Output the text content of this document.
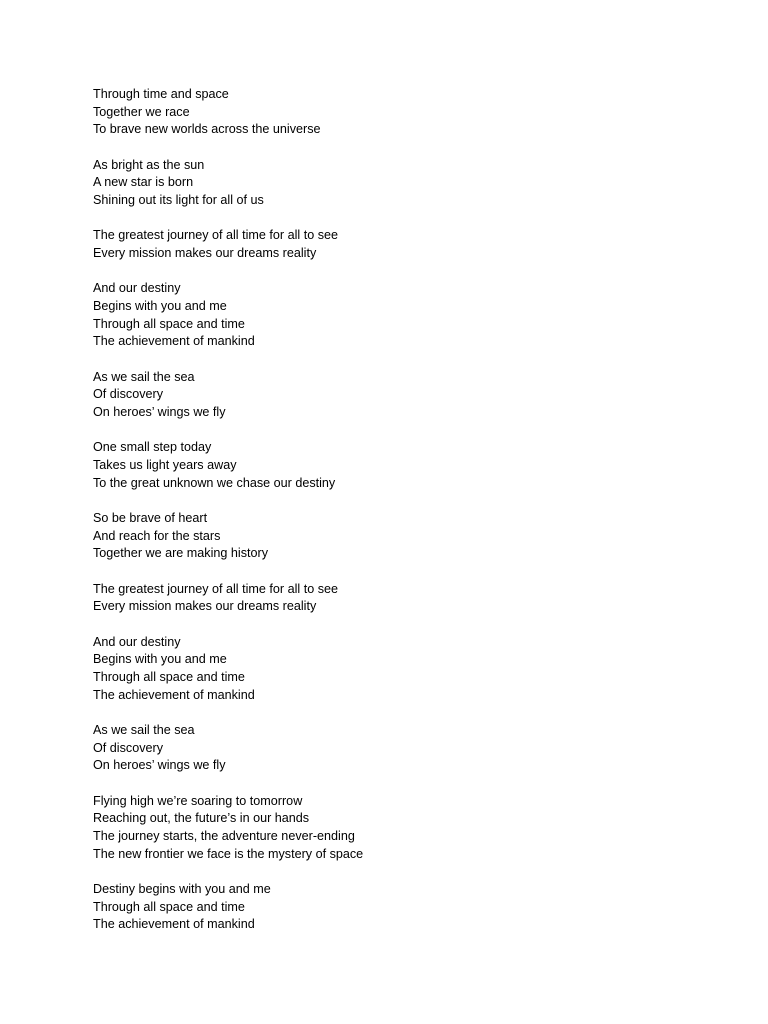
Through time and space
Together we race
To brave new worlds across the universe
As bright as the sun
A new star is born
Shining out its light for all of us
The greatest journey of all time for all to see
Every mission makes our dreams reality
And our destiny
Begins with you and me
Through all space and time
The achievement of mankind
As we sail the sea
Of discovery
On heroes’ wings we fly
One small step today
Takes us light years away
To the great unknown we chase our destiny
So be brave of heart
And reach for the stars
Together we are making history
The greatest journey of all time for all to see
Every mission makes our dreams reality
And our destiny
Begins with you and me
Through all space and time
The achievement of mankind
As we sail the sea
Of discovery
On heroes’ wings we fly
Flying high we’re soaring to tomorrow
Reaching out, the future’s in our hands
The journey starts, the adventure never-ending
The new frontier we face is the mystery of space
Destiny begins with you and me
Through all space and time
The achievement of mankind
